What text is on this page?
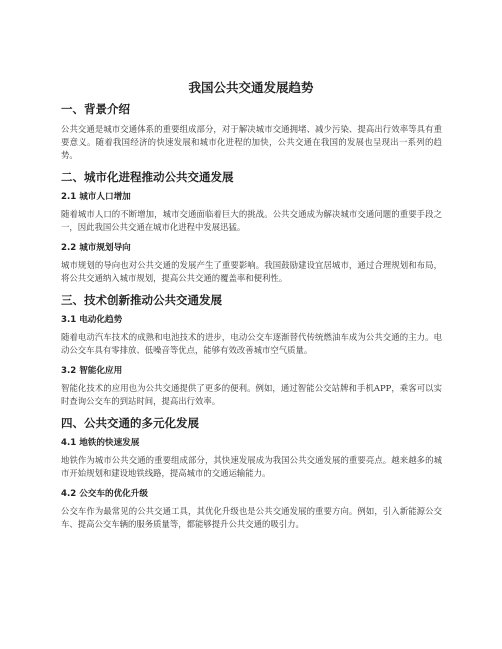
我国公共交通发展趋势
一、背景介绍

公共交通是城市交通体系的重要组成部分，对于解决城市交通拥堵、减少污染、提高出行效率等具有重要意义。随着我国经济的快速发展和城市化进程的加快，公共交通在我国的发展也呈现出一系列的趋势。

二、城市化进程推动公共交通发展
2.1 城市人口增加

随着城市人口的不断增加，城市交通面临着巨大的挑战。公共交通成为解决城市交通问题的重要手段之一，因此我国公共交通在城市化进程中发展迅猛。

2.2 城市规划导向

城市规划的导向也对公共交通的发展产生了重要影响。我国鼓励建设宜居城市，通过合理规划和布局，将公共交通纳入城市规划，提高公共交通的覆盖率和便利性。

三、技术创新推动公共交通发展
3.1 电动化趋势

随着电动汽车技术的成熟和电池技术的进步，电动公交车逐渐替代传统燃油车成为公共交通的主力。电动公交车具有零排放、低噪音等优点，能够有效改善城市空气质量。

3.2 智能化应用

智能化技术的应用也为公共交通提供了更多的便利。例如，通过智能公交站牌和手机APP，乘客可以实时查询公交车的到站时间，提高出行效率。

四、公共交通的多元化发展
4.1 地铁的快速发展

地铁作为城市公共交通的重要组成部分，其快速发展成为我国公共交通发展的重要亮点。越来越多的城市开始规划和建设地铁线路，提高城市的交通运输能力。

4.2 公交车的优化升级

公交车作为最常见的公共交通工具，其优化升级也是公共交通发展的重要方向。例如，引入新能源公交车、提高公交车辆的服务质量等，都能够提升公共交通的吸引力。
